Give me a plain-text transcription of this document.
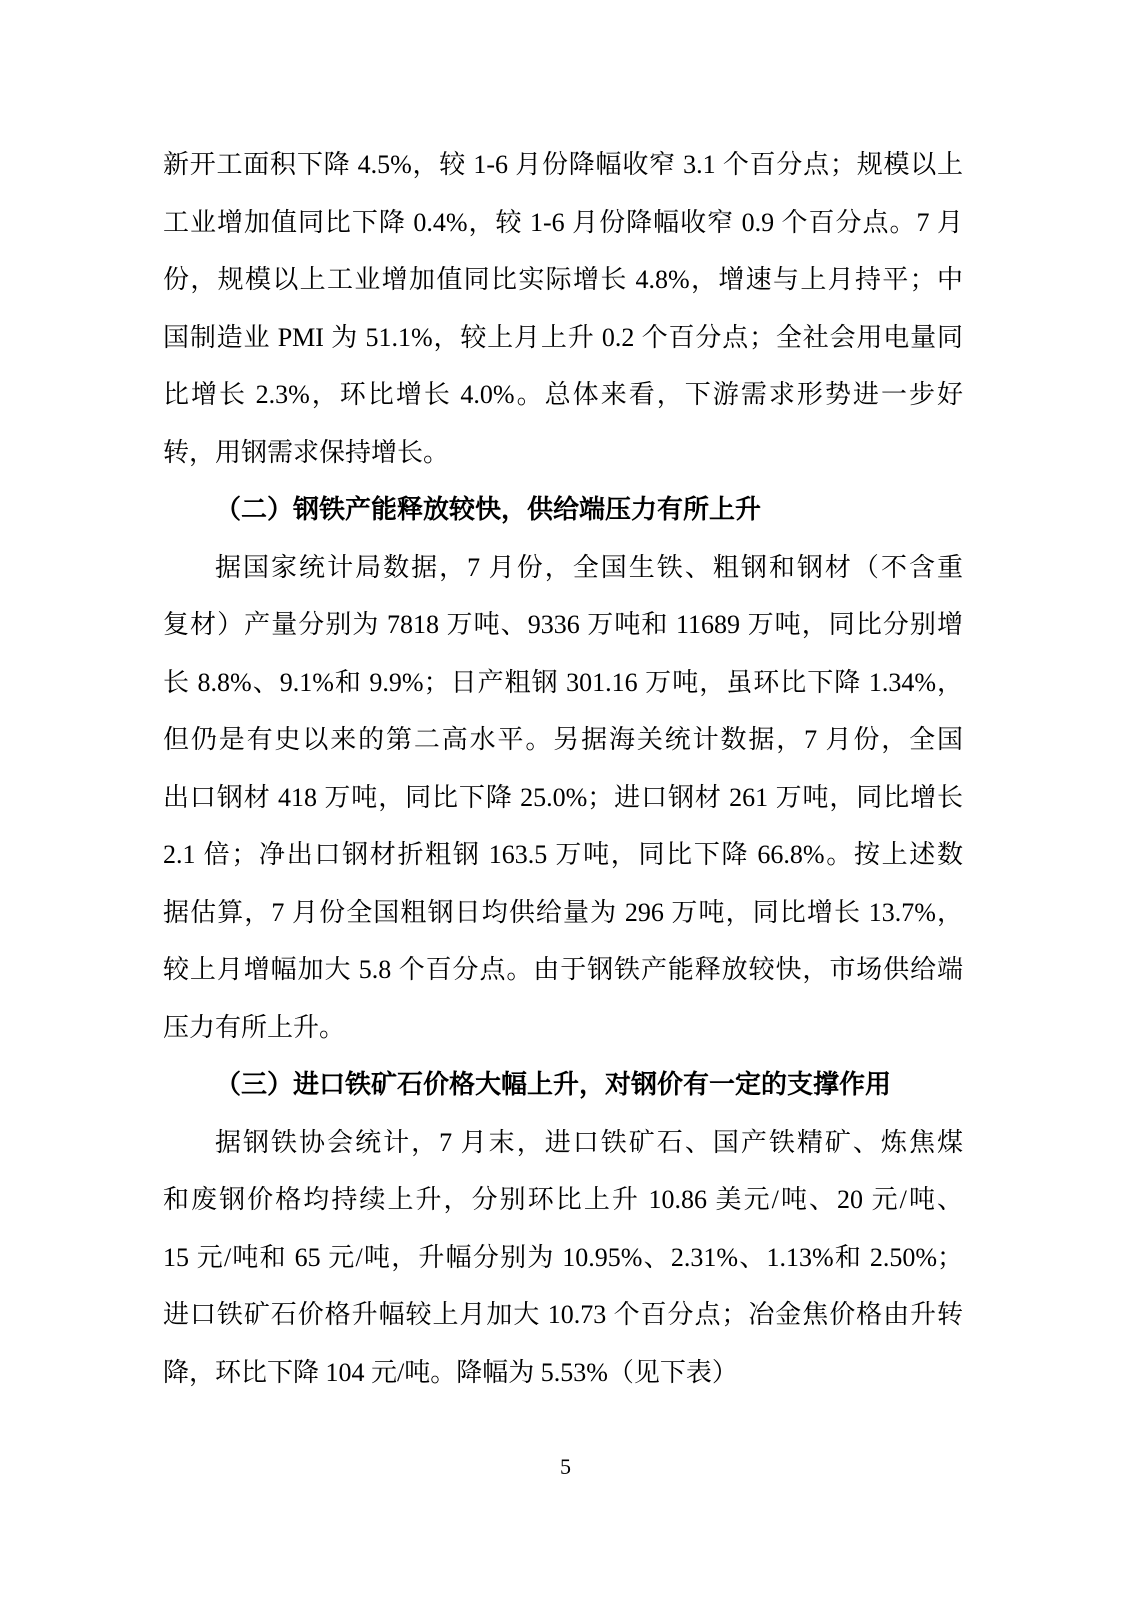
新开工面积下降 4.5%，较 1-6 月份降幅收窄 3.1 个百分点；规模以上
工业增加值同比下降 0.4%，较 1-6 月份降幅收窄 0.9 个百分点。7 月
份，规模以上工业增加值同比实际增长 4.8%，增速与上月持平；中
国制造业 PMI 为 51.1%，较上月上升 0.2 个百分点；全社会用电量同
比增长 2.3%，环比增长 4.0%。总体来看，下游需求形势进一步好
转，用钢需求保持增长。
（二）钢铁产能释放较快，供给端压力有所上升
据国家统计局数据，7 月份，全国生铁、粗钢和钢材（不含重
复材）产量分别为 7818 万吨、9336 万吨和 11689 万吨，同比分别增
长 8.8%、9.1%和 9.9%；日产粗钢 301.16 万吨，虽环比下降 1.34%，
但仍是有史以来的第二高水平。另据海关统计数据，7 月份，全国
出口钢材 418 万吨，同比下降 25.0%；进口钢材 261 万吨，同比增长
2.1 倍；净出口钢材折粗钢 163.5 万吨，同比下降 66.8%。按上述数
据估算，7 月份全国粗钢日均供给量为 296 万吨，同比增长 13.7%，
较上月增幅加大 5.8 个百分点。由于钢铁产能释放较快，市场供给端
压力有所上升。
（三）进口铁矿石价格大幅上升，对钢价有一定的支撑作用
据钢铁协会统计，7 月末，进口铁矿石、国产铁精矿、炼焦煤
和废钢价格均持续上升，分别环比上升 10.86 美元/吨、20 元/吨、
15 元/吨和 65 元/吨，升幅分别为 10.95%、2.31%、1.13%和 2.50%；
进口铁矿石价格升幅较上月加大 10.73 个百分点；冶金焦价格由升转
降，环比下降 104 元/吨。降幅为 5.53%（见下表）
5
